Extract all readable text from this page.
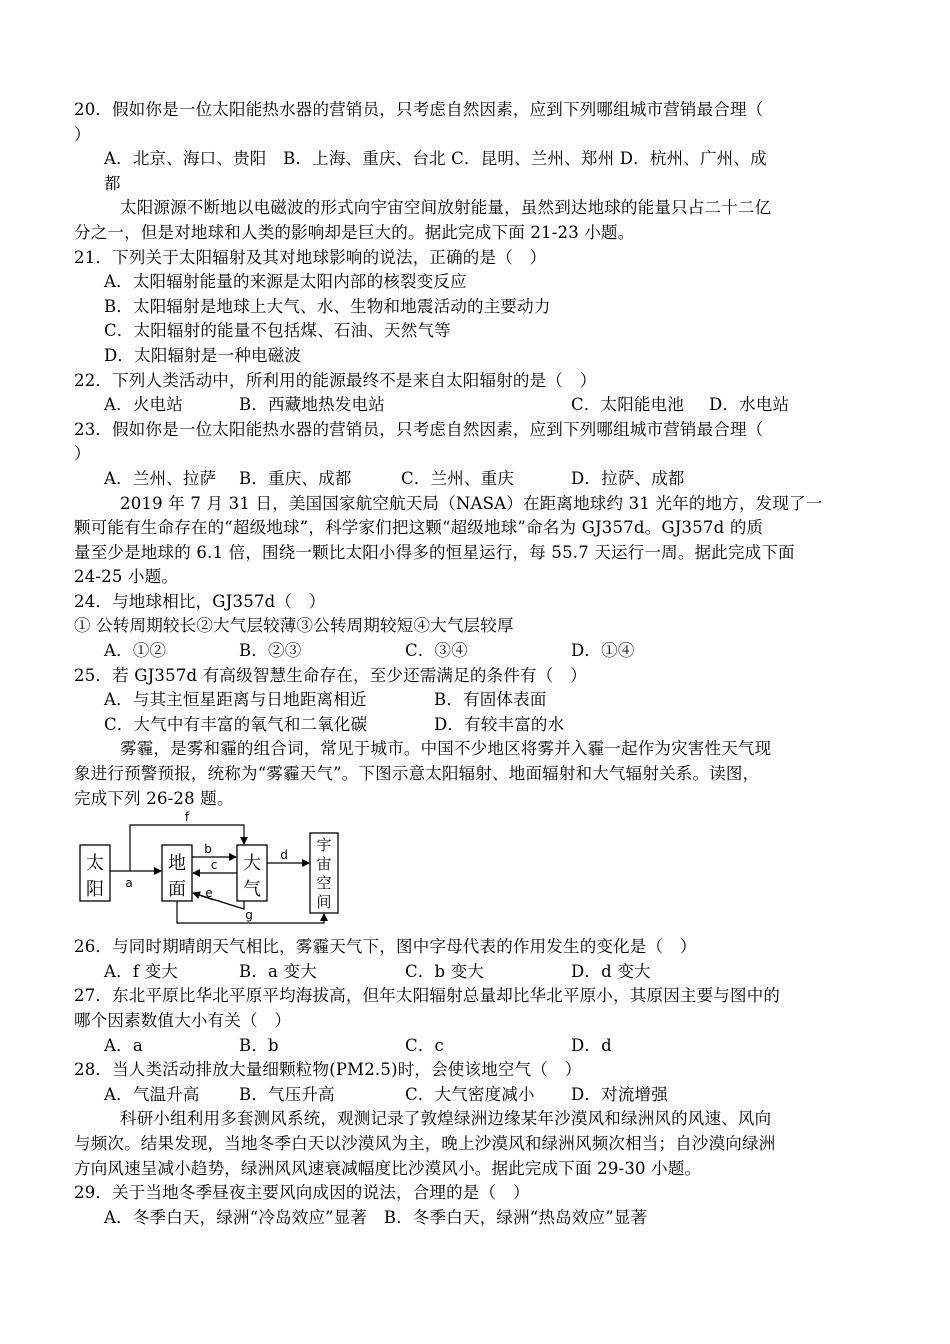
20．假如你是一位太阳能热水器的营销员，只考虑自然因素，应到下列哪组城市营销最合理（
）
A．北京、海口、贵阳　B．上海、重庆、台北 C．昆明、兰州、郑州 D．杭州、广州、成
都
太阳源源不断地以电磁波的形式向宇宙空间放射能量，虽然到达地球的能量只占二十二亿
分之一，但是对地球和人类的影响却是巨大的。据此完成下面 21-23 小题。
21．下列关于太阳辐射及其对地球影响的说法，正确的是（　）
A．太阳辐射能量的来源是太阳内部的核裂变反应
B．太阳辐射是地球上大气、水、生物和地震活动的主要动力
C．太阳辐射的能量不包括煤、石油、天然气等
D．太阳辐射是一种电磁波
22．下列人类活动中，所利用的能源最终不是来自太阳辐射的是（　）
A．火电站	B．西藏地热发电站	C．太阳能电池 D．水电站
23．假如你是一位太阳能热水器的营销员，只考虑自然因素，应到下列哪组城市营销最合理（
）
A．兰州、拉萨 B．重庆、成都	C．兰州、重庆	D．拉萨、成都
2019 年 7 月 31 日，美国国家航空航天局（NASA）在距离地球约 31 光年的地方，发现了一
颗可能有生命存在的“超级地球”，科学家们把这颗“超级地球”命名为 GJ357d。GJ357d 的质
量至少是地球的 6.1 倍，围绕一颗比太阳小得多的恒星运行，每 55.7 天运行一周。据此完成下面
24-25 小题。
24．与地球相比，GJ357d（　）
① 公转周期较长②大气层较薄③公转周期较短④大气层较厚
A．①②	B．②③	C．③④	D．①④
25．若 GJ357d 有高级智慧生命存在，至少还需满足的条件有（　）
A．与其主恒星距离与日地距离相近	B．有固体表面
C．大气中有丰富的氧气和二氧化碳	D．有较丰富的水
雾霾，是雾和霾的组合词，常见于城市。中国不少地区将雾并入霾一起作为灾害性天气现
象进行预警预报，统称为“雾霾天气”。下图示意太阳辐射、地面辐射和大气辐射关系。读图，
完成下列 26-28 题。
太
阳
地
面
大
气
宇
宙
空
间
a
b
c
d
e
f
g
26．与同时期晴朗天气相比，雾霾天气下，图中字母代表的作用发生的变化是（　）
A．f 变大	B．a 变大	C．b 变大	D．d 变大
27．东北平原比华北平原平均海拔高，但年太阳辐射总量却比华北平原小，其原因主要与图中的
哪个因素数值大小有关（　）
A．a	B．b	C．c	D．d
28．当人类活动排放大量细颗粒物(PM2.5)时，会使该地空气（　）
A．气温升高 B．气压升高	C．大气密度减小 D．对流增强
科研小组利用多套测风系统，观测记录了敦煌绿洲边缘某年沙漠风和绿洲风的风速、风向
与频次。结果发现，当地冬季白天以沙漠风为主，晚上沙漠风和绿洲风频次相当；自沙漠向绿洲
方向风速呈减小趋势，绿洲风风速衰减幅度比沙漠风小。据此完成下面 29-30 小题。
29．关于当地冬季昼夜主要风向成因的说法，合理的是（　）
A．冬季白天，绿洲“冷岛效应”显著　B．冬季白天，绿洲“热岛效应”显著
